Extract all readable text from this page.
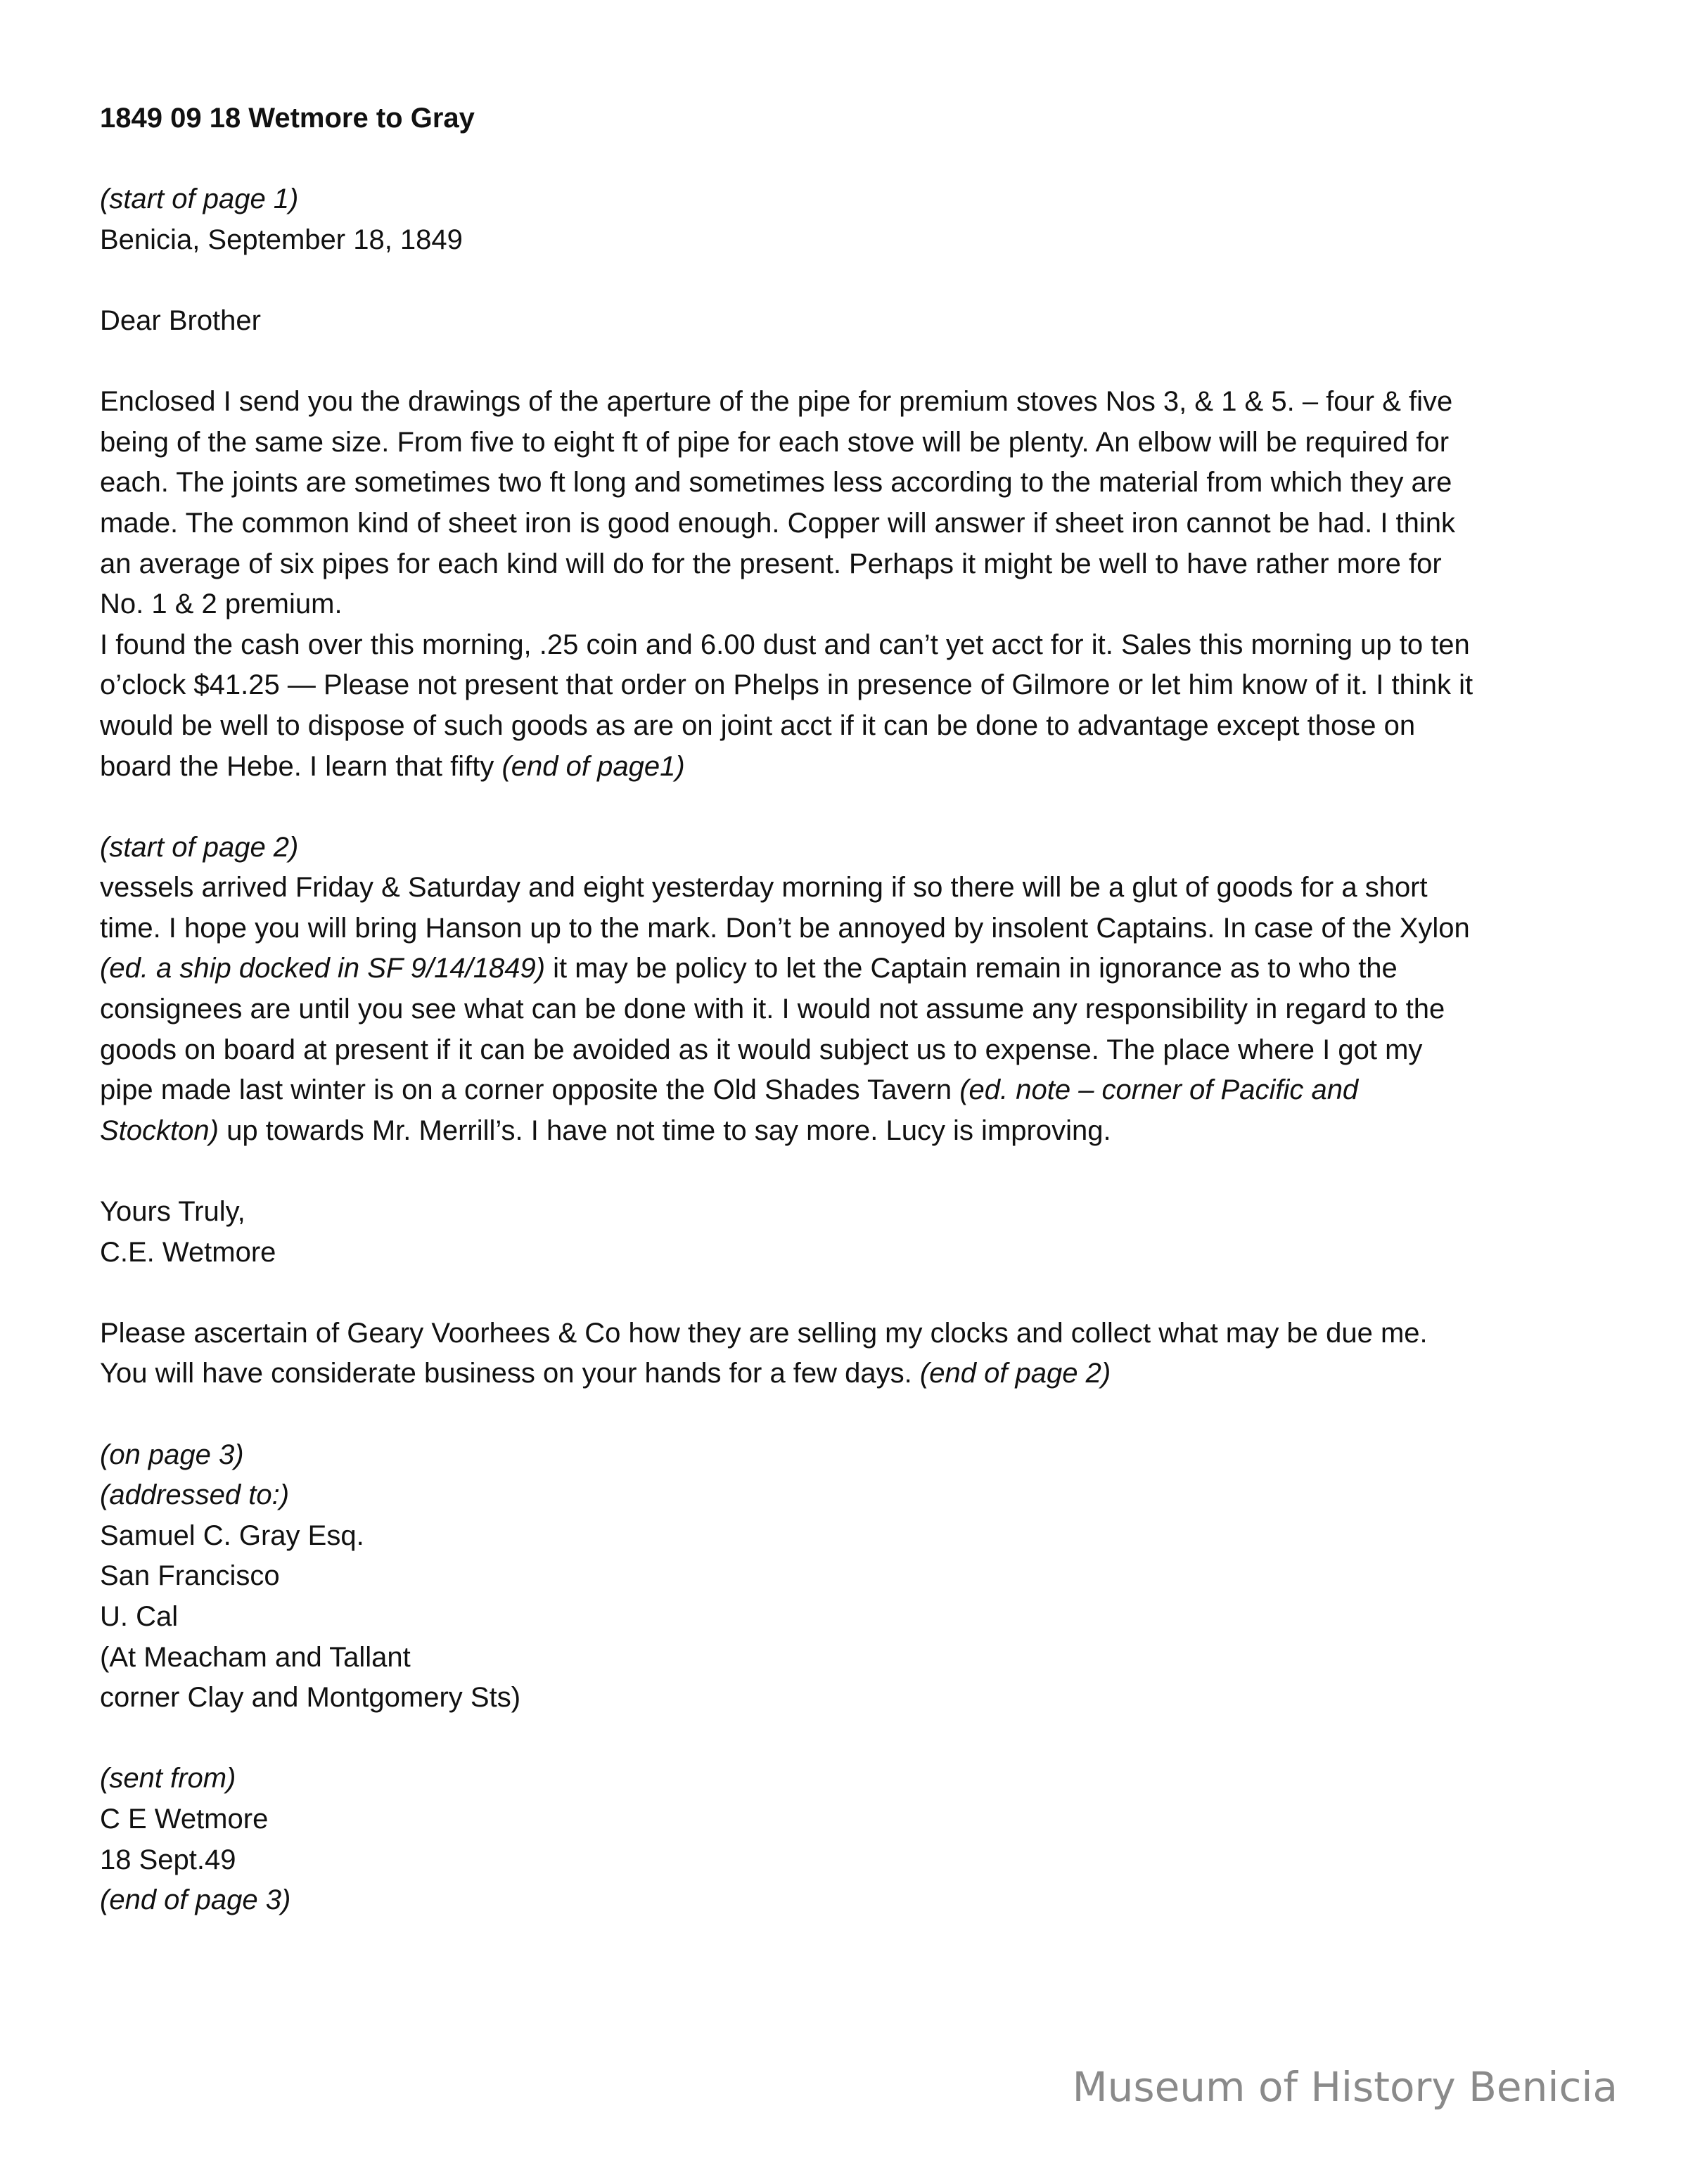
1849 09 18 Wetmore to Gray
(start of page 1)
Benicia, September 18, 1849
Dear Brother
Enclosed I send you the drawings of the aperture of the pipe for premium stoves Nos 3, & 1 & 5. – four & five
being of the same size. From five to eight ft of pipe for each stove will be plenty. An elbow will be required for
each. The joints are sometimes two ft long and sometimes less according to the material from which they are
made. The common kind of sheet iron is good enough. Copper will answer if sheet iron cannot be had. I think
an average of six pipes for each kind will do for the present. Perhaps it might be well to have rather more for
No. 1 & 2 premium.
I found the cash over this morning, .25 coin and 6.00 dust and can’t yet acct for it. Sales this morning up to ten
o’clock $41.25 — Please not present that order on Phelps in presence of Gilmore or let him know of it. I think it
would be well to dispose of such goods as are on joint acct if it can be done to advantage except those on
board the Hebe. I learn that fifty (end of page1)
(start of page 2)
vessels arrived Friday & Saturday and eight yesterday morning if so there will be a glut of goods for a short
time. I hope you will bring Hanson up to the mark. Don’t be annoyed by insolent Captains. In case of the Xylon
(ed. a ship docked in SF 9/14/1849) it may be policy to let the Captain remain in ignorance as to who the
consignees are until you see what can be done with it. I would not assume any responsibility in regard to the
goods on board at present if it can be avoided as it would subject us to expense. The place where I got my
pipe made last winter is on a corner opposite the Old Shades Tavern (ed. note – corner of Pacific and
Stockton) up towards Mr. Merrill’s. I have not time to say more. Lucy is improving.
Yours Truly,
C.E. Wetmore
Please ascertain of Geary Voorhees & Co how they are selling my clocks and collect what may be due me.
You will have considerate business on your hands for a few days. (end of page 2)
(on page 3)
(addressed to:)
Samuel C. Gray Esq.
San Francisco
U. Cal
(At Meacham and Tallant
corner Clay and Montgomery Sts)
(sent from)
C E Wetmore
18 Sept.49
(end of page 3)
Museum of History Benicia
